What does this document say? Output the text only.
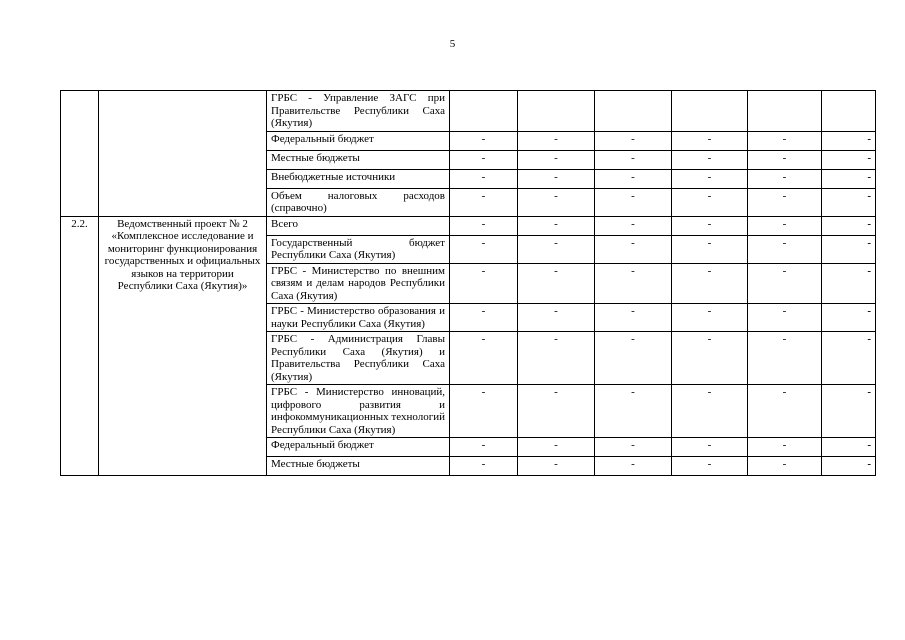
5
		ГРБС - Управление ЗАГС при Правительстве Республики Саха (Якутия)						
		Федеральный бюджет	-	-	-	-	-	-
		Местные бюджеты	-	-	-	-	-	-
		Внебюджетные источники	-	-	-	-	-	-
		Объем налоговых расходов (справочно)	-	-	-	-	-	-
2.2.	Ведомственный проект № 2 «Комплексное исследование и мониторинг функционирования государственных и официальных языков на территории Республики Саха (Якутия)»	Всего	-	-	-	-	-	-
		Государственный бюджет Республики Саха (Якутия)	-	-	-	-	-	-
		ГРБС - Министерство по внешним связям и делам народов Республики Саха (Якутия)	-	-	-	-	-	-
		ГРБС - Министерство образования и науки Республики Саха (Якутия)	-	-	-	-	-	-
		ГРБС - Администрация Главы Республики Саха (Якутия) и Правительства Республики Саха (Якутия)	-	-	-	-	-	-
		ГРБС - Министерство инноваций, цифрового развития и инфокоммуникационных технологий Республики Саха (Якутия)	-	-	-	-	-	-
		Федеральный бюджет	-	-	-	-	-	-
		Местные бюджеты	-	-	-	-	-	-
